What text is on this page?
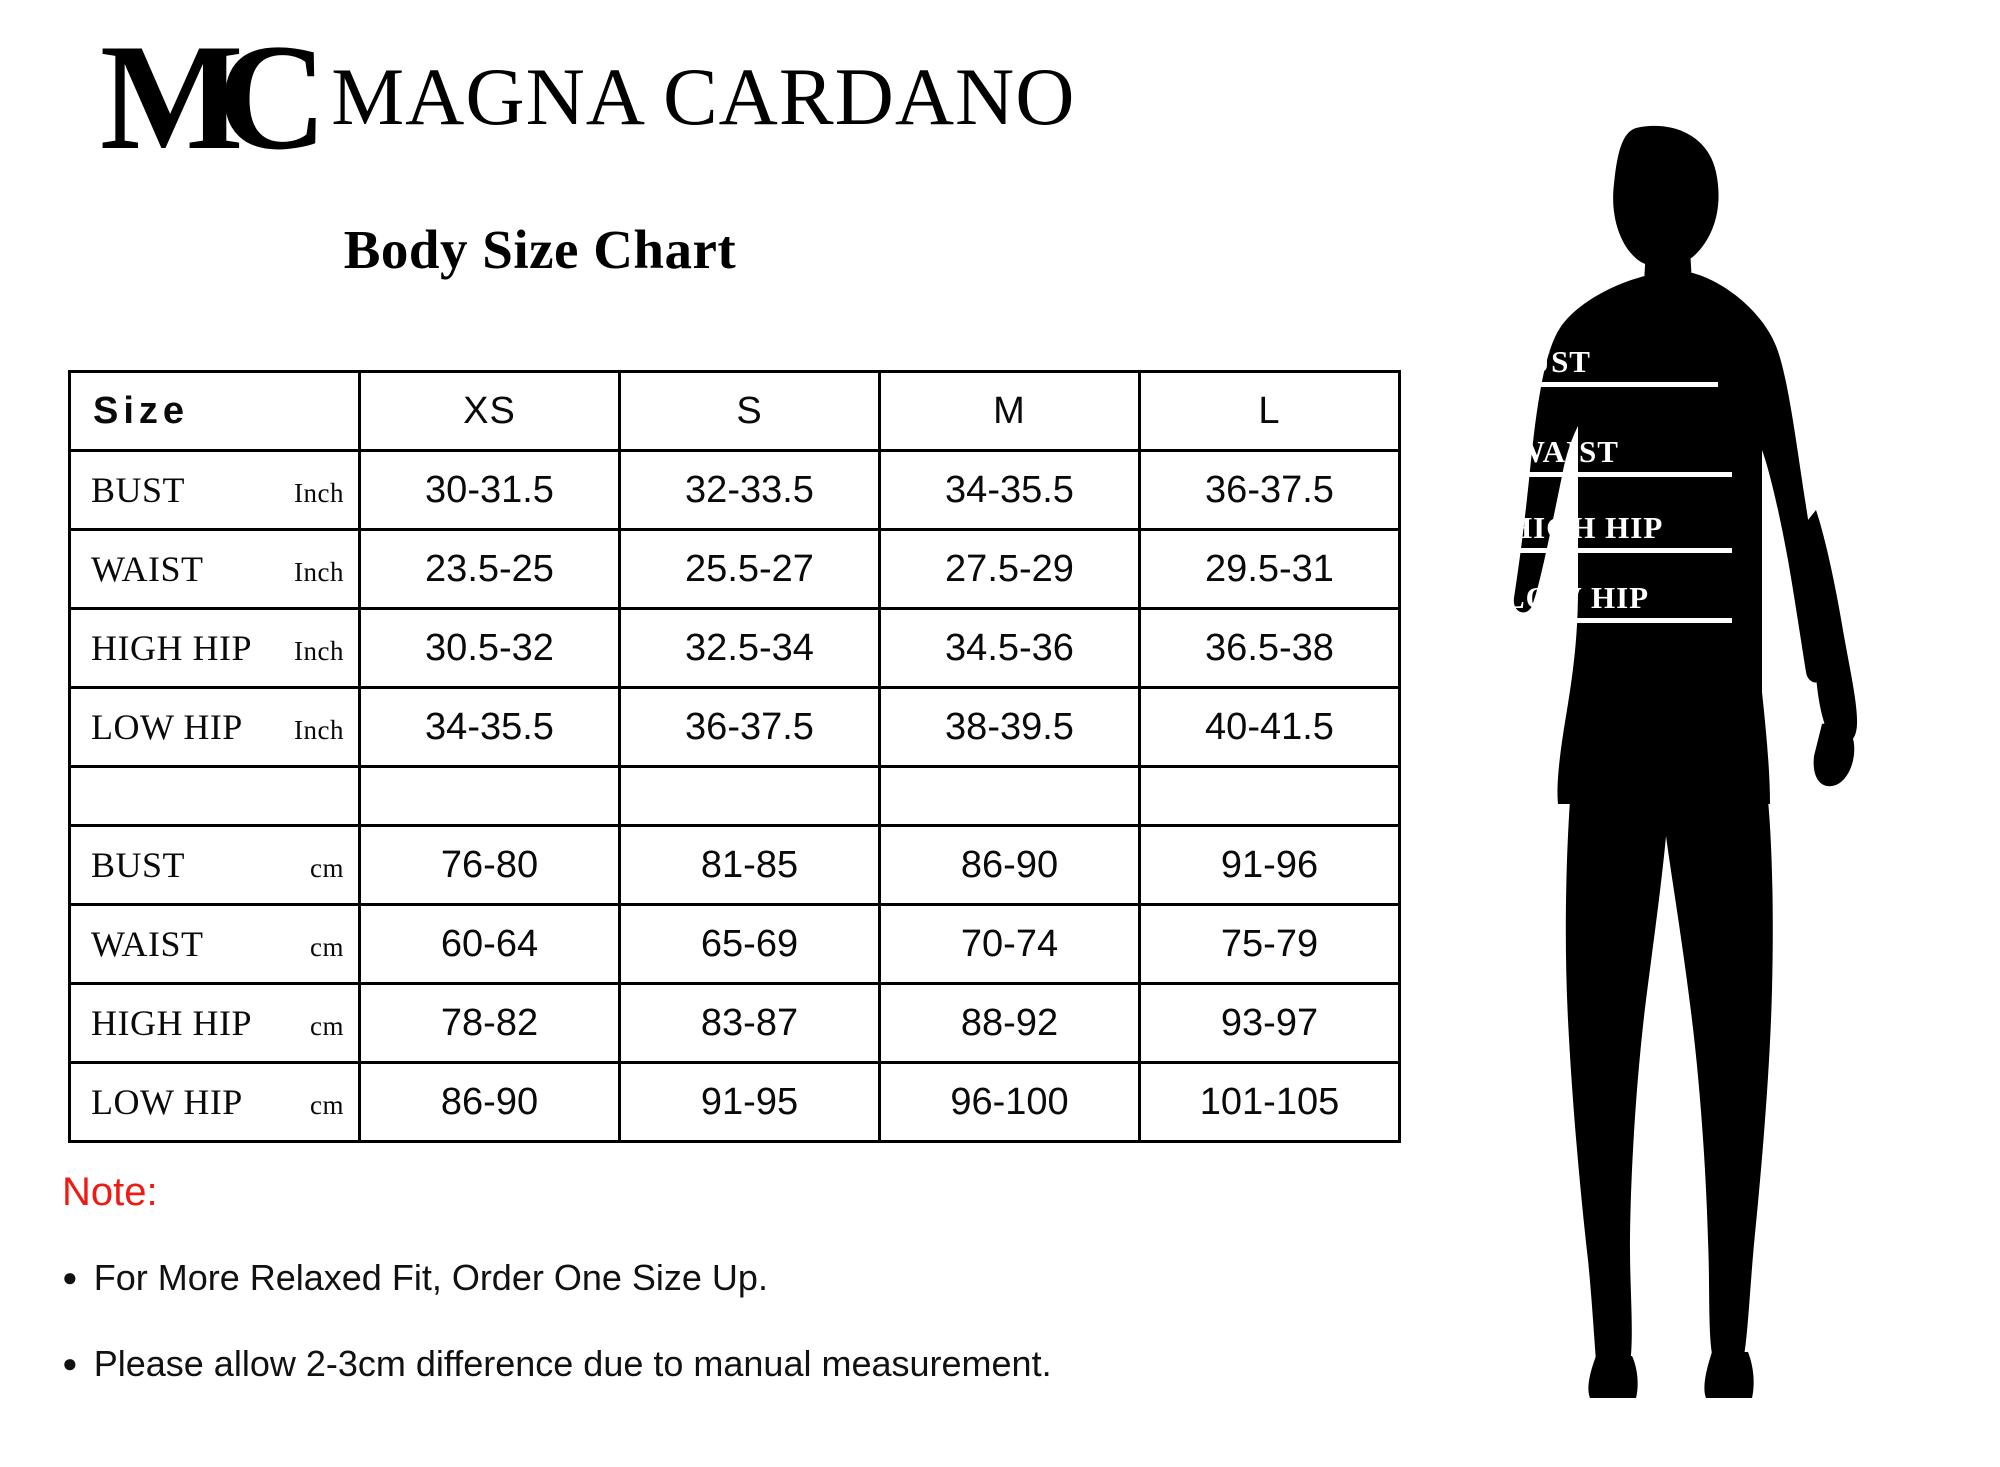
MC MAGNA CARDANO
Body Size Chart
Size	XS	S	M	L

BUST Inch	30-31.5	32-33.5	34-35.5	36-37.5

WAIST Inch	23.5-25	25.5-27	27.5-29	29.5-31

HIGH HIP Inch	30.5-32	32.5-34	34.5-36	36.5-38

LOW HIP Inch	34-35.5	36-37.5	38-39.5	40-41.5

BUST cm	76-80	81-85	86-90	91-96

WAIST cm	60-64	65-69	70-74	75-79

HIGH HIP cm	78-82	83-87	88-92	93-97

LOW HIP cm	86-90	91-95	96-100	101-105
Note:
● For More Relaxed Fit, Order One Size Up.
● Please allow 2-3cm difference due to manual measurement.
BUST
WAIST
HIGH HIP
LOW HIP
